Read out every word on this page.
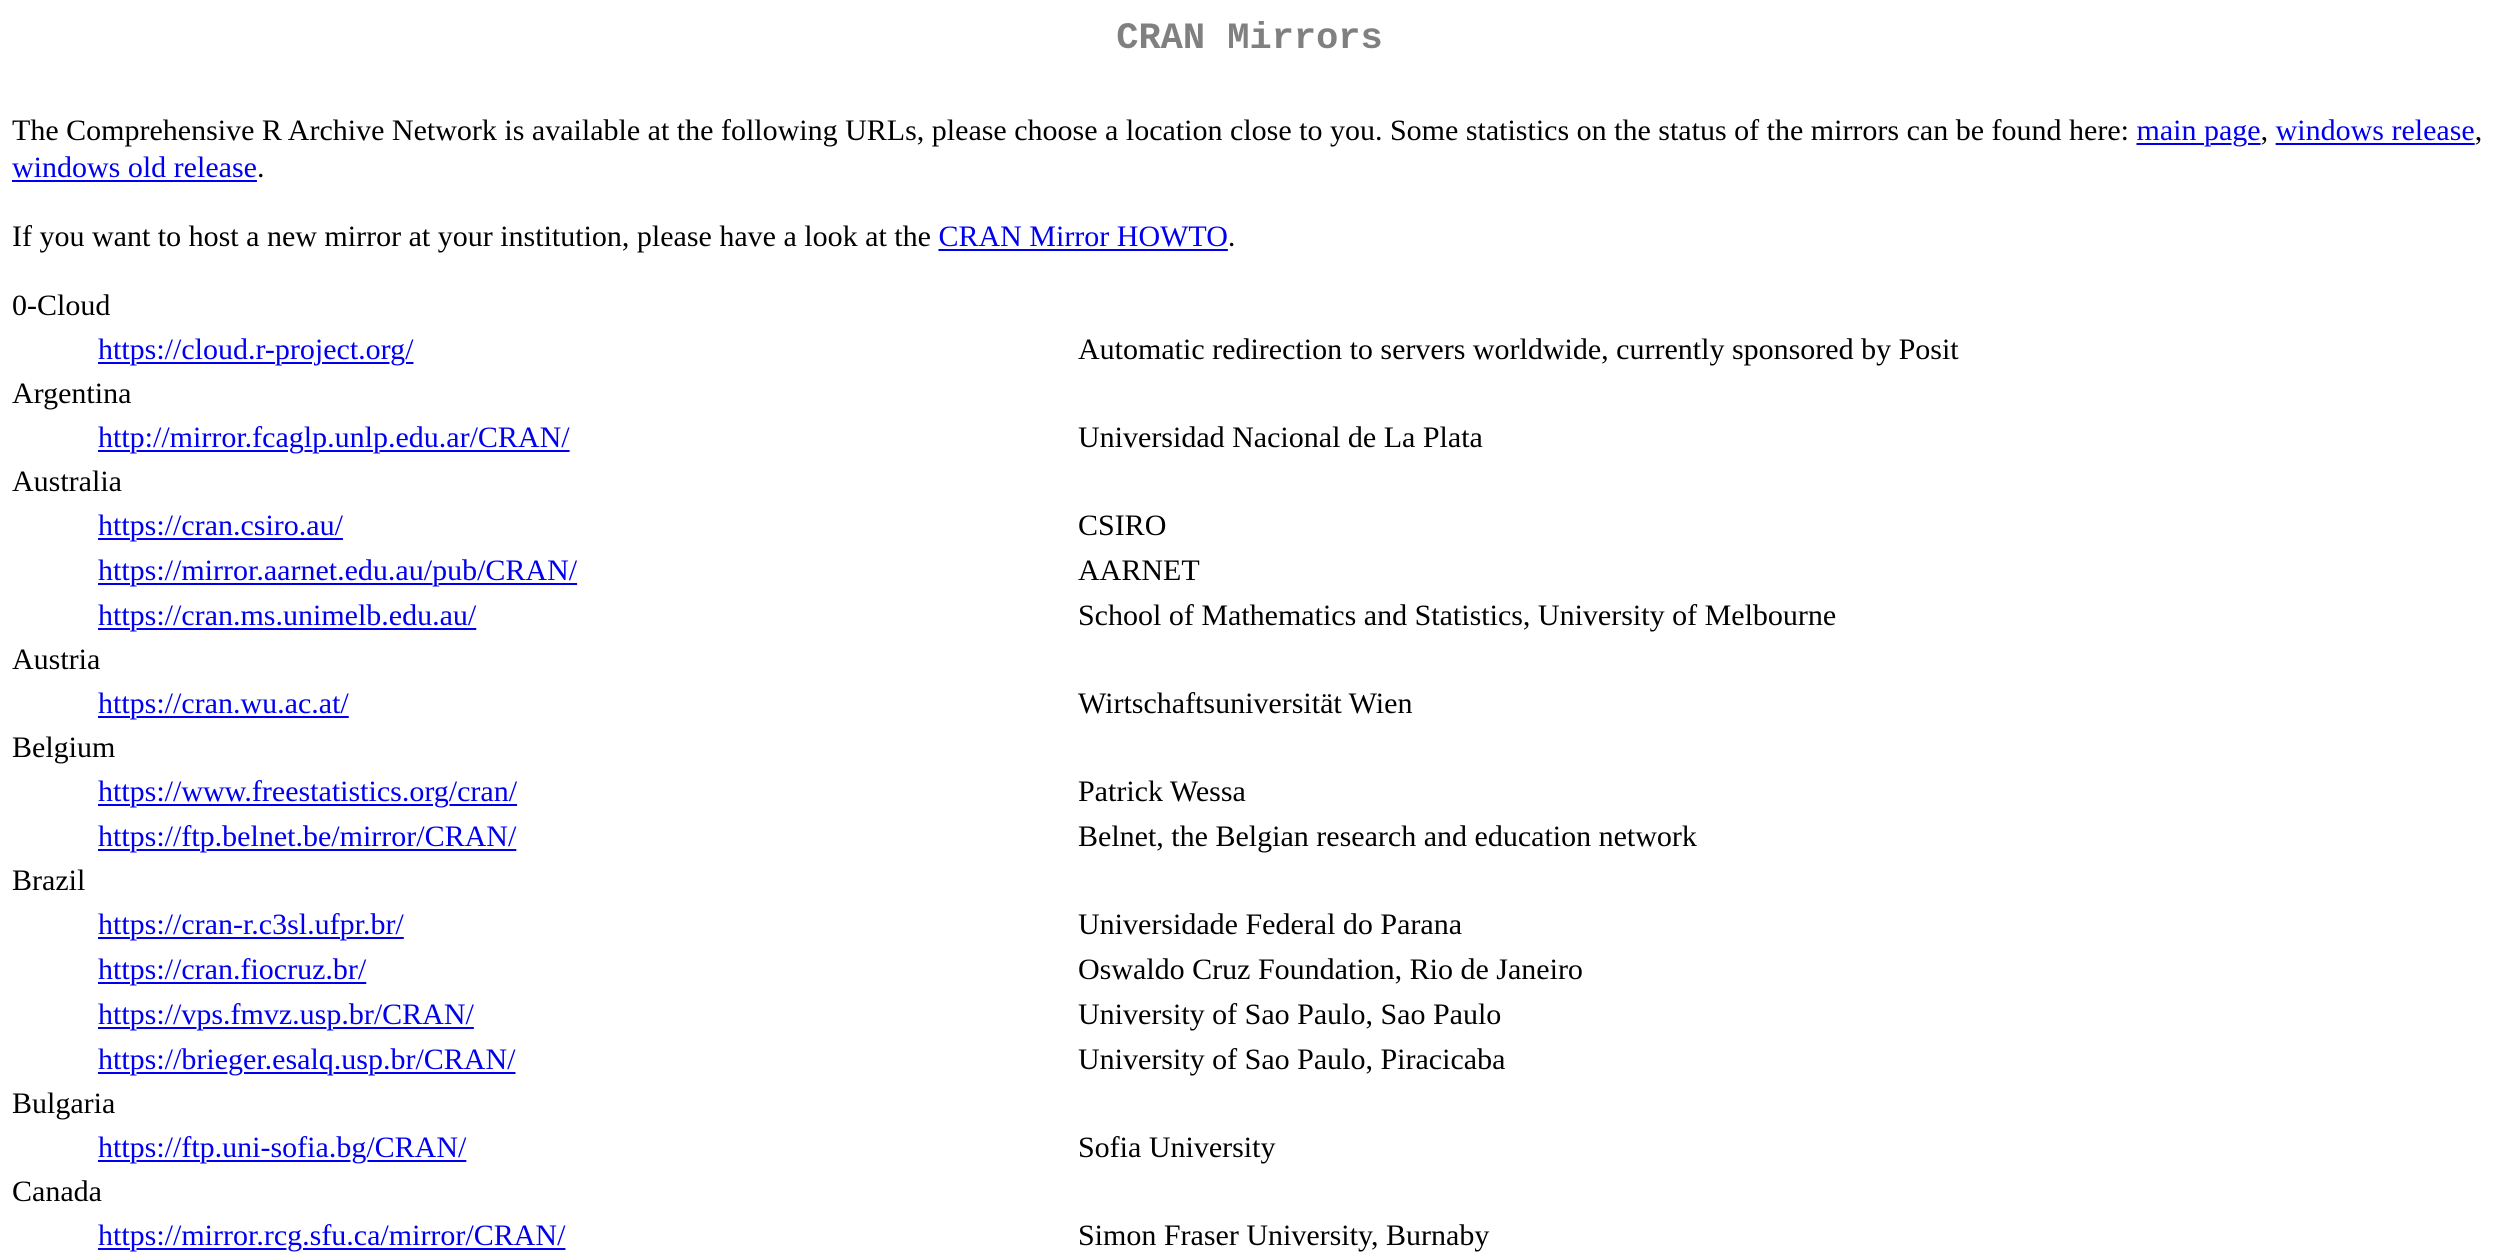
CRAN Mirrors

The Comprehensive R Archive Network is available at the following URLs, please choose a location close to you. Some statistics on the status of the mirrors can be found here: main page, windows release, windows old release.

If you want to host a new mirror at your institution, please have a look at the CRAN Mirror HOWTO.

0-Cloud	
https://cloud.r-project.org/	Automatic redirection to servers worldwide, currently sponsored by Posit
Argentina	
http://mirror.fcaglp.unlp.edu.ar/CRAN/	Universidad Nacional de La Plata
Australia	
https://cran.csiro.au/	CSIRO
https://mirror.aarnet.edu.au/pub/CRAN/	AARNET
https://cran.ms.unimelb.edu.au/	School of Mathematics and Statistics, University of Melbourne
Austria	
https://cran.wu.ac.at/	Wirtschaftsuniversität Wien
Belgium	
https://www.freestatistics.org/cran/	Patrick Wessa
https://ftp.belnet.be/mirror/CRAN/	Belnet, the Belgian research and education network
Brazil	
https://cran-r.c3sl.ufpr.br/	Universidade Federal do Parana
https://cran.fiocruz.br/	Oswaldo Cruz Foundation, Rio de Janeiro
https://vps.fmvz.usp.br/CRAN/	University of Sao Paulo, Sao Paulo
https://brieger.esalq.usp.br/CRAN/	University of Sao Paulo, Piracicaba
Bulgaria	
https://ftp.uni-sofia.bg/CRAN/	Sofia University
Canada	
https://mirror.rcg.sfu.ca/mirror/CRAN/	Simon Fraser University, Burnaby
